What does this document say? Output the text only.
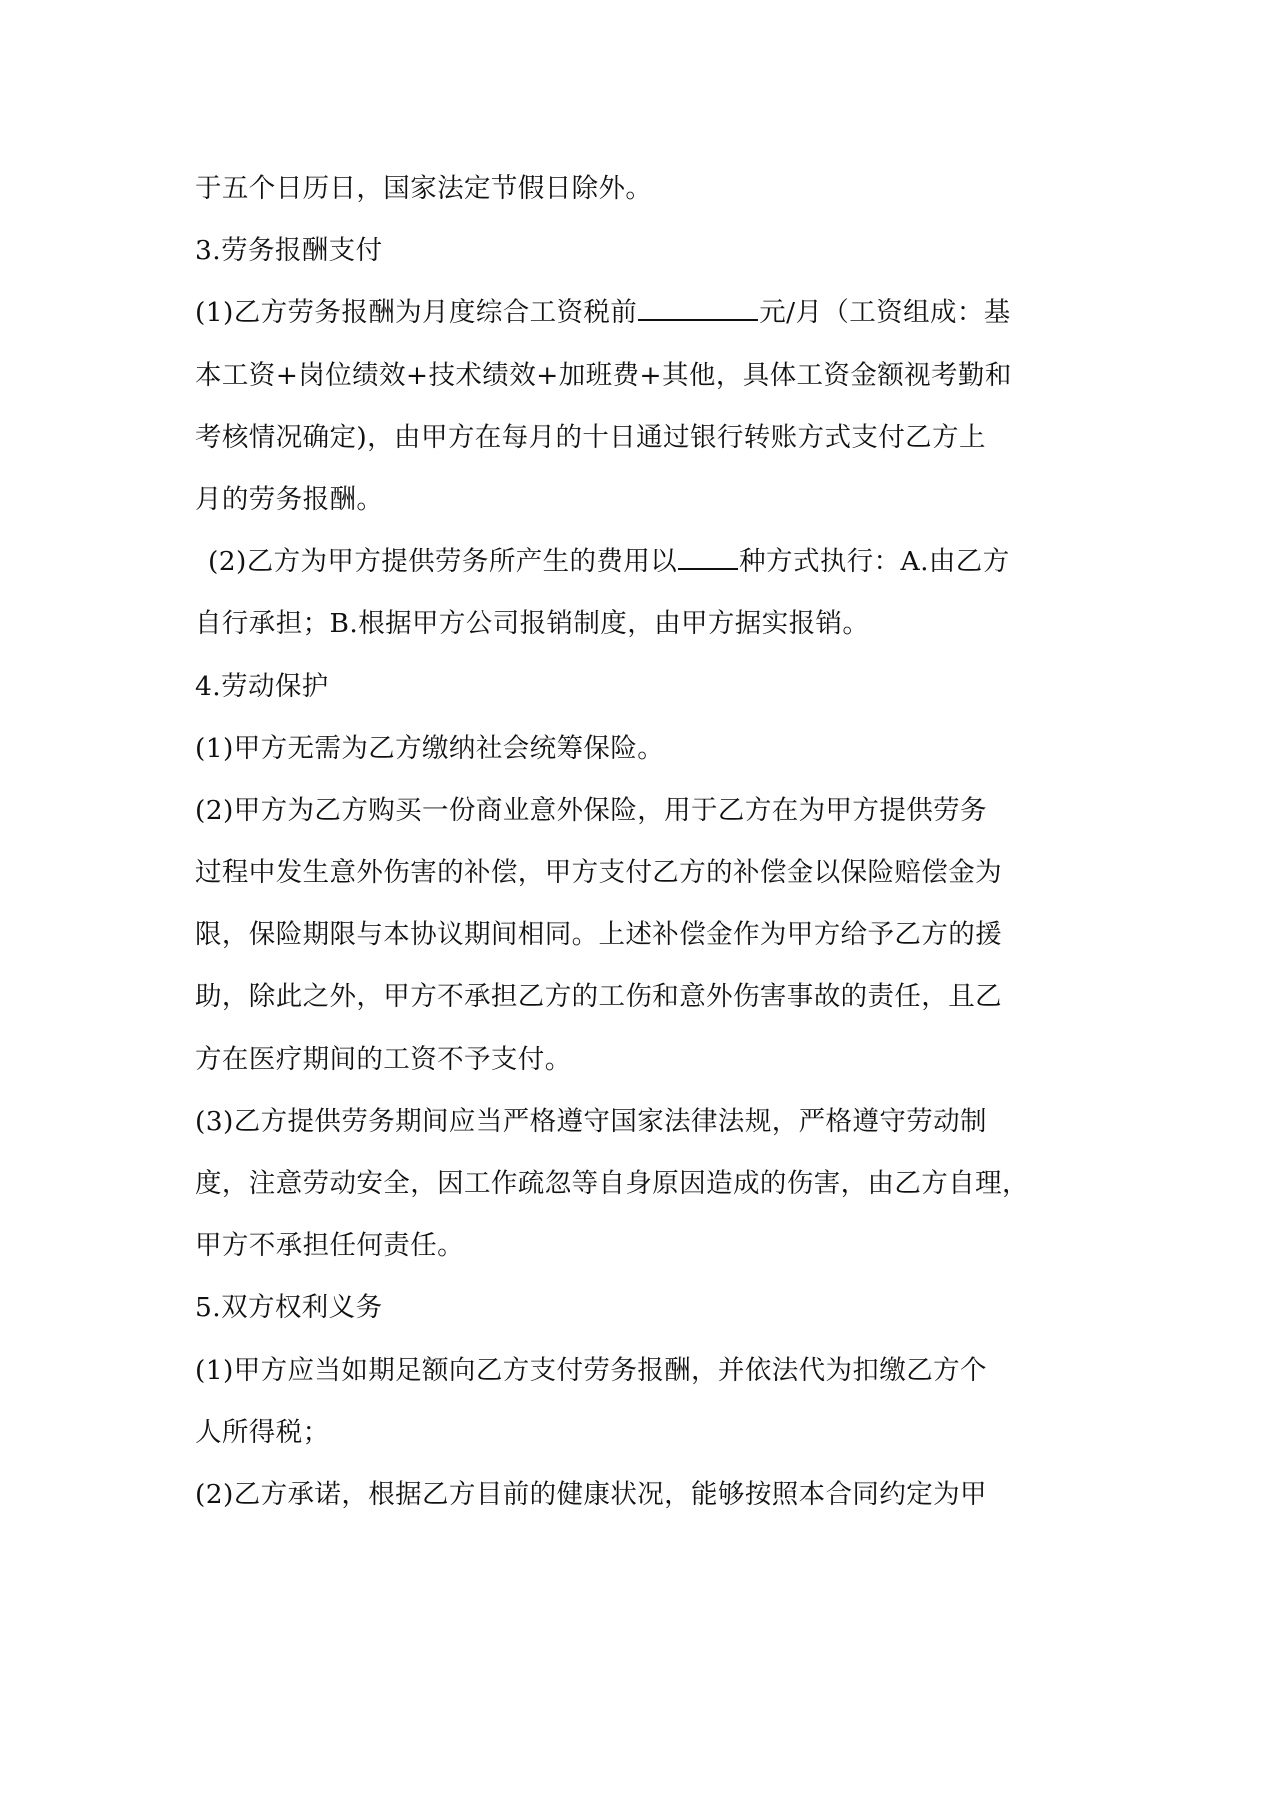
于五个日历日，国家法定节假日除外。
3.劳务报酬支付
(1)乙方劳务报酬为月度综合工资税前	元/月（工资组成：基
本工资+岗位绩效+技术绩效+加班费+其他，具体工资金额视考勤和
考核情况确定)，由甲方在每月的十日通过银行转账方式支付乙方上
月的劳务报酬。
(2)乙方为甲方提供劳务所产生的费用以 种方式执行：A.由乙方
自行承担；B.根据甲方公司报销制度，由甲方据实报销。
4.劳动保护
(1)甲方无需为乙方缴纳社会统筹保险。
(2)甲方为乙方购买一份商业意外保险，用于乙方在为甲方提供劳务
过程中发生意外伤害的补偿，甲方支付乙方的补偿金以保险赔偿金为
限，保险期限与本协议期间相同。上述补偿金作为甲方给予乙方的援
助，除此之外，甲方不承担乙方的工伤和意外伤害事故的责任，且乙
方在医疗期间的工资不予支付。
(3)乙方提供劳务期间应当严格遵守国家法律法规，严格遵守劳动制
度，注意劳动安全，因工作疏忽等自身原因造成的伤害，由乙方自理，
甲方不承担任何责任。
5.双方权利义务
(1)甲方应当如期足额向乙方支付劳务报酬，并依法代为扣缴乙方个
人所得税；
(2)乙方承诺，根据乙方目前的健康状况，能够按照本合同约定为甲
